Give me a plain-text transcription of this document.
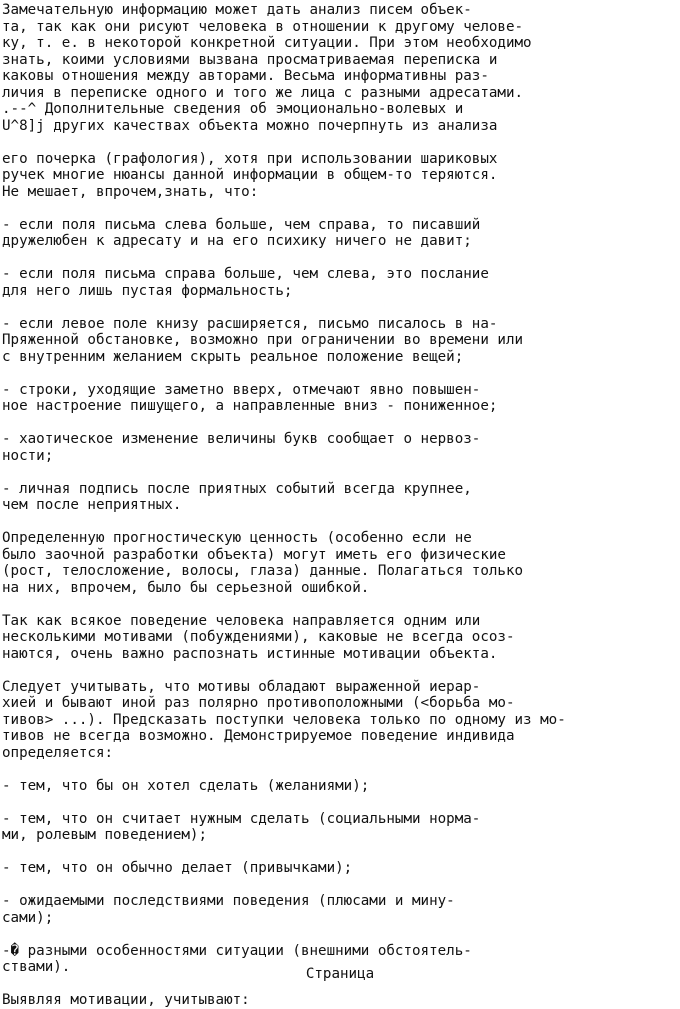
Замечательную информацию может дать анализ писем объек-
та, так как они рисуют человека в отношении к другому челове-
ку, т. е. в некоторой конкретной ситуации. При этом необходимо
знать, коими условиями вызвана просматриваемая переписка и
каковы отношения между авторами. Весьма информативны раз-
личия в переписке одного и того же лица с разными адресатами.
.--^ Дополнительные сведения об эмоционально-волевых и
U^8]j других качествах объекта можно почерпнуть из анализа
его почерка (графология), хотя при использовании шариковых
ручек многие нюансы данной информации в общем-то теряются.
Не мешает, впрочем,знать, что:
- если поля письма слева больше, чем справа, то писавший
дружелюбен к адресату и на его психику ничего не давит;
- если поля письма справа больше, чем слева, это послание
для него лишь пустая формальность;
- если левое поле книзу расширяется, письмо писалось в на-
Пряженной обстановке, возможно при ограничении во времени или
с внутренним желанием скрыть реальное положение вещей;
- строки, уходящие заметно вверх, отмечают явно повышен-
ное настроение пишущего, а направленные вниз - пониженное;
- хаотическое изменение величины букв сообщает о нервоз-
ности;
- личная подпись после приятных событий всегда крупнее,
чем после неприятных.
Определенную прогностическую ценность (особенно если не
было заочной разработки объекта) могут иметь его физические
(рост, телосложение, волосы, глаза) данные. Полагаться только
на них, впрочем, было бы серьезной ошибкой.
Так как всякое поведение человека направляется одним или
несколькими мотивами (побуждениями), каковые не всегда осоз-
наются, очень важно распознать истинные мотивации объекта.
Следует учитывать, что мотивы обладают выраженной иерар-
хией и бывают иной раз полярно противоположными (<борьба мо-
тивов> ...). Предсказать поступки человека только по одному из мо-
тивов не всегда возможно. Демонстрируемое поведение индивида
определяется:
- тем, что бы он хотел сделать (желаниями);
- тем, что он считает нужным сделать (социальными норма-
ми, ролевым поведением);
- тем, что он обычно делает (привычками);
- ожидаемыми последствиями поведения (плюсами и мину-
сами);
-� разными особенностями ситуации (внешними обстоятель-
ствами).
Выявляя мотивации, учитывают:
Страница
